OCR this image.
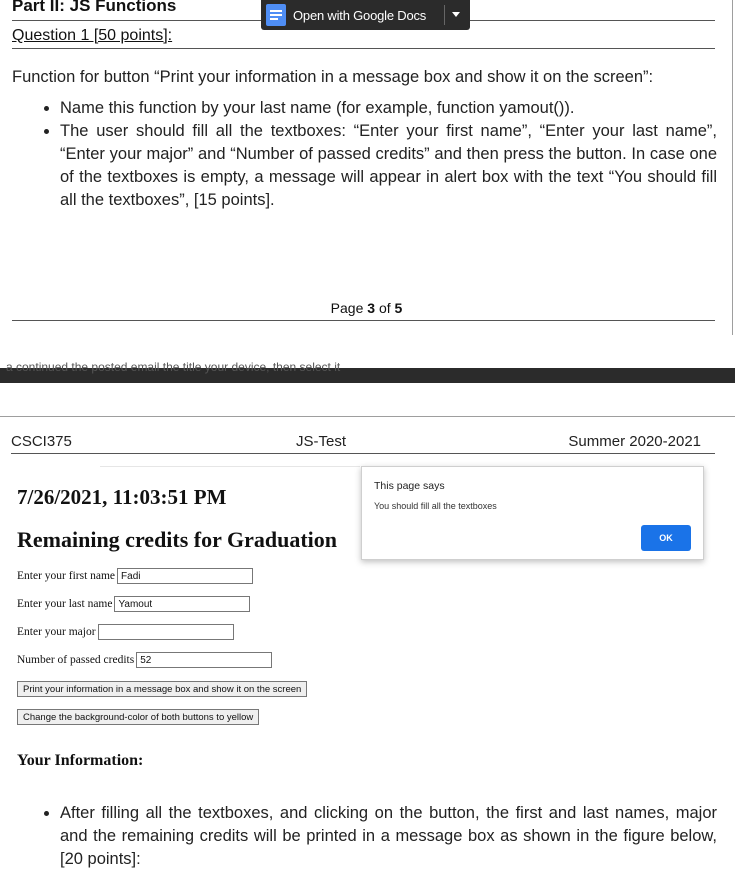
Part II: JS Functions
Question 1 [50 points]:
Open with Google Docs

Function for button “Print your information in a message box and show it on the screen”:

• Name this function by your last name (for example, function yamout()).
• The user should fill all the textboxes: “Enter your first name”, “Enter your last name”, “Enter your major” and “Number of passed credits” and then press the button. In case one of the textboxes is empty, a message will appear in alert box with the text “You should fill all the textboxes”, [15 points].
Page 3 of 5
a continued the posted email the title your device, then select it
CSCI375	JS-Test	Summer 2020-2021
7/26/2021, 11:03:51 PM
Remaining credits for Graduation
Enter your first name
Fadi
Enter your last name
Yamout
Enter your major
Number of passed credits
52
Print your information in a message box and show it on the screen
Change the background-color of both buttons to yellow
Your Information:
• After filling all the textboxes, and clicking on the button, the first and last names, major and the remaining credits will be printed in a message box as shown in the figure below, [20 points]:
This page says
You should fill all the textboxes
OK
